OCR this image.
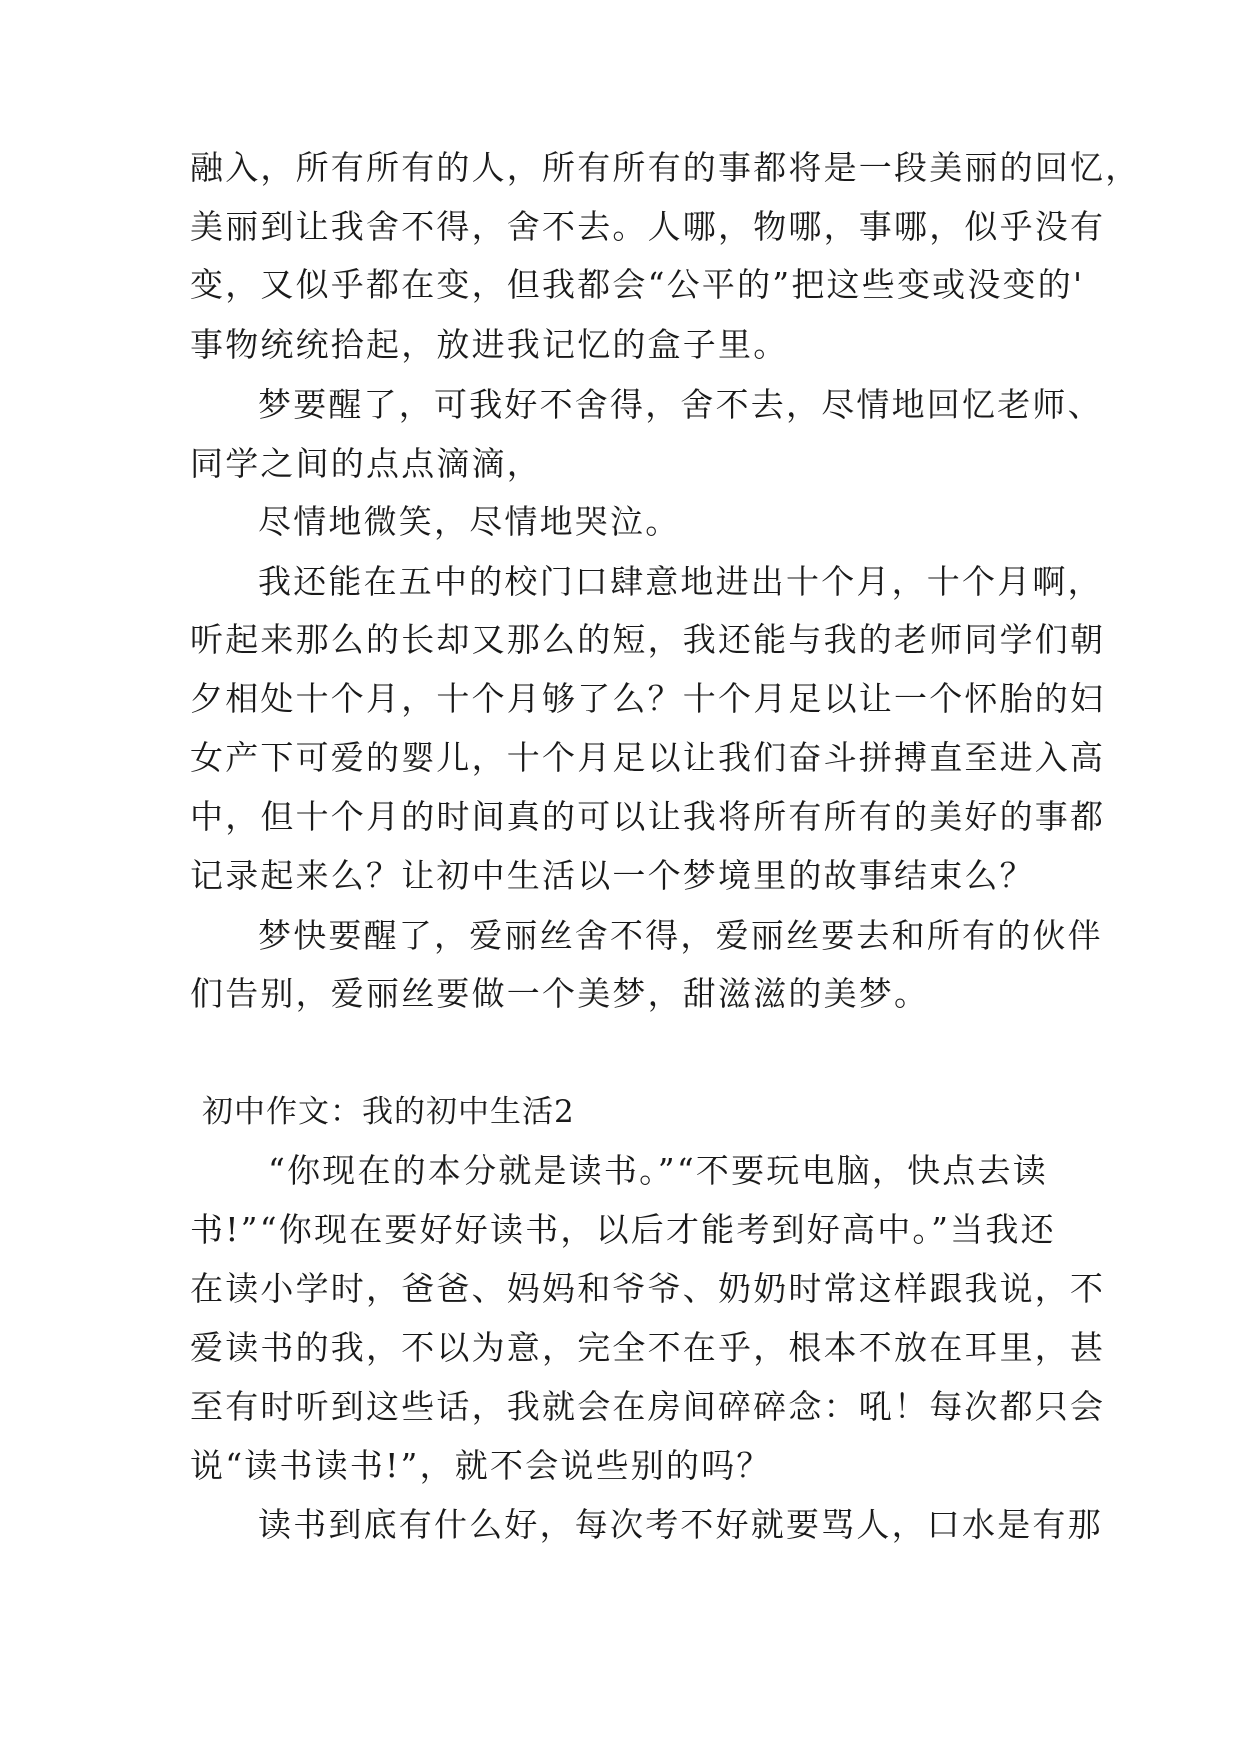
融入，所有所有的人，所有所有的事都将是一段美丽的回忆，
美丽到让我舍不得，舍不去。人哪，物哪，事哪，似乎没有
变，又似乎都在变，但我都会“公平的”把这些变或没变的'
事物统统拾起，放进我记忆的盒子里。
梦要醒了，可我好不舍得，舍不去，尽情地回忆老师、
同学之间的点点滴滴，
尽情地微笑，尽情地哭泣。
我还能在五中的校门口肆意地进出十个月，十个月啊，
听起来那么的长却又那么的短，我还能与我的老师同学们朝
夕相处十个月，十个月够了么？十个月足以让一个怀胎的妇
女产下可爱的婴儿，十个月足以让我们奋斗拼搏直至进入高
中，但十个月的时间真的可以让我将所有所有的美好的事都
记录起来么？让初中生活以一个梦境里的故事结束么？
梦快要醒了，爱丽丝舍不得，爱丽丝要去和所有的伙伴
们告别，爱丽丝要做一个美梦，甜滋滋的美梦。
初中作文：我的初中生活2
“你现在的本分就是读书。”“不要玩电脑，快点去读
书!”“你现在要好好读书，以后才能考到好高中。”当我还
在读小学时，爸爸、妈妈和爷爷、奶奶时常这样跟我说，不
爱读书的我，不以为意，完全不在乎，根本不放在耳里，甚
至有时听到这些话，我就会在房间碎碎念：吼！每次都只会
说“读书读书!”，就不会说些别的吗？
读书到底有什么好，每次考不好就要骂人，口水是有那
